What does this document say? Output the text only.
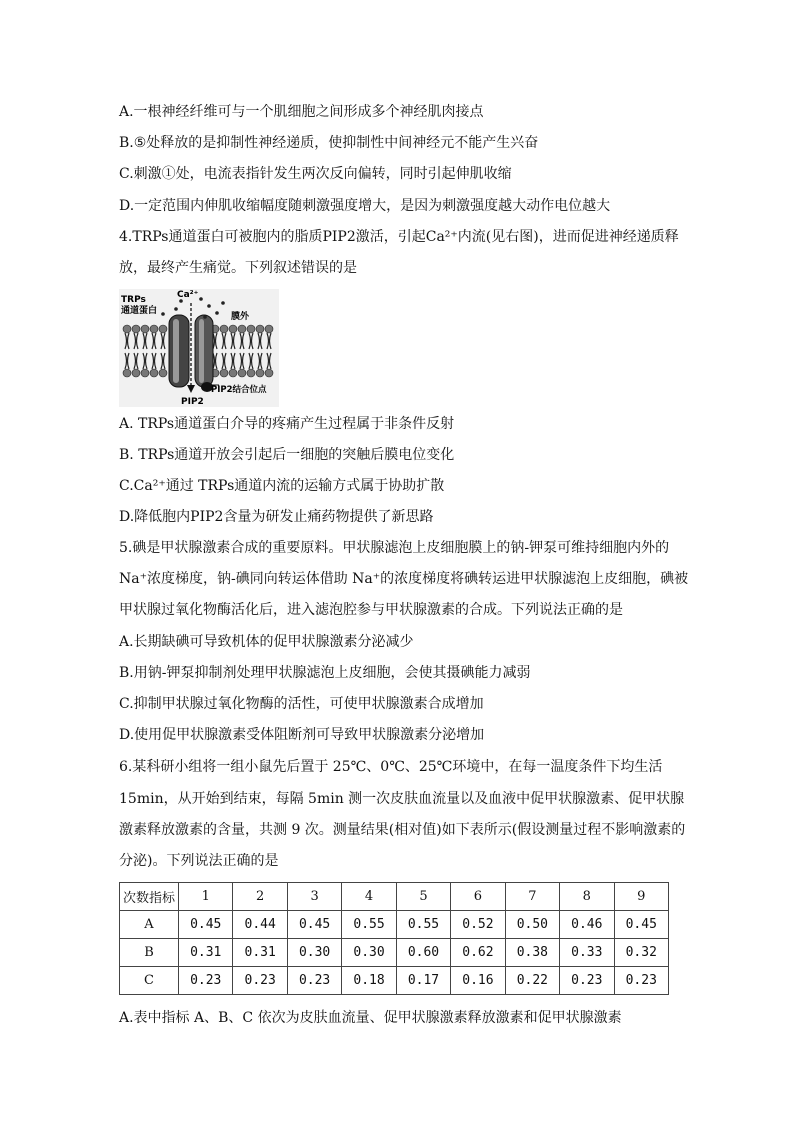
A.一根神经纤维可与一个肌细胞之间形成多个神经肌肉接点
B.⑤处释放的是抑制性神经递质，使抑制性中间神经元不能产生兴奋
C.刺激①处，电流表指针发生两次反向偏转，同时引起伸肌收缩
D.一定范围内伸肌收缩幅度随刺激强度增大，是因为刺激强度越大动作电位越大
4.TRPs通道蛋白可被胞内的脂质PIP2激活，引起Ca²⁺内流(见右图)，进而促进神经递质释
放，最终产生痛觉。下列叙述错误的是
TRPs
通道蛋白
Ca²⁺
膜外
PIP2结合位点
PIP2
A. TRPs通道蛋白介导的疼痛产生过程属于非条件反射
B. TRPs通道开放会引起后一细胞的突触后膜电位变化
C.Ca²⁺通过 TRPs通道内流的运输方式属于协助扩散
D.降低胞内PIP2含量为研发止痛药物提供了新思路
5.碘是甲状腺激素合成的重要原料。甲状腺滤泡上皮细胞膜上的钠-钾泵可维持细胞内外的
Na⁺浓度梯度，钠-碘同向转运体借助 Na⁺的浓度梯度将碘转运进甲状腺滤泡上皮细胞，碘被
甲状腺过氧化物酶活化后，进入滤泡腔参与甲状腺激素的合成。下列说法正确的是
A.长期缺碘可导致机体的促甲状腺激素分泌减少
B.用钠-钾泵抑制剂处理甲状腺滤泡上皮细胞，会使其摄碘能力减弱
C.抑制甲状腺过氧化物酶的活性，可使甲状腺激素合成增加
D.使用促甲状腺激素受体阻断剂可导致甲状腺激素分泌增加
6.某科研小组将一组小鼠先后置于 25℃、0℃、25℃环境中，在每一温度条件下均生活
15min，从开始到结束，每隔 5min 测一次皮肤血流量以及血液中促甲状腺激素、促甲状腺
激素释放激素的含量，共测 9 次。测量结果(相对值)如下表所示(假设测量过程不影响激素的
分泌)。下列说法正确的是
次数指标	1	2	3	4	5	6	7	8	9
A	0.45	0.44	0.45	0.55	0.55	0.52	0.50	0.46	0.45
B	0.31	0.31	0.30	0.30	0.60	0.62	0.38	0.33	0.32
C	0.23	0.23	0.23	0.18	0.17	0.16	0.22	0.23	0.23
A.表中指标 A、B、C 依次为皮肤血流量、促甲状腺激素释放激素和促甲状腺激素
